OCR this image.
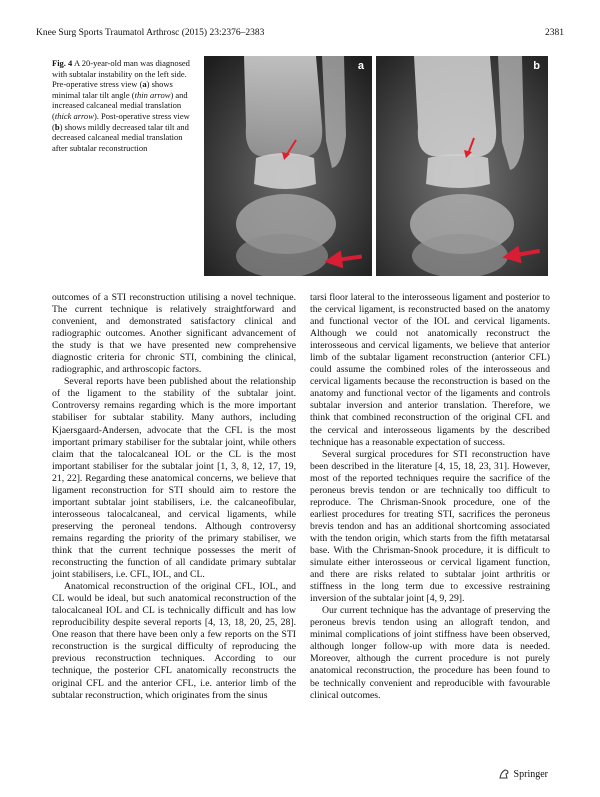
Knee Surg Sports Traumatol Arthrosc (2015) 23:2376–2383	2381
Fig. 4 A 20-year-old man was diagnosed with subtalar instability on the left side. Pre-operative stress view (a) shows minimal talar tilt angle (thin arrow) and increased calcaneal medial translation (thick arrow). Post-operative stress view (b) shows mildly decreased talar tilt and decreased calcaneal medial translation after subtalar reconstruction
a	b

outcomes of a STI reconstruction utilising a novel technique. The current technique is relatively straightforward and convenient, and demonstrated satisfactory clinical and radiographic outcomes. Another significant advancement of the study is that we have presented new comprehensive diagnostic criteria for chronic STI, combining the clinical, radiographic, and arthroscopic factors.

Several reports have been published about the relationship of the ligament to the stability of the subtalar joint. Controversy remains regarding which is the more important stabiliser for subtalar stability. Many authors, including Kjaersgaard-Andersen, advocate that the CFL is the most important primary stabiliser for the subtalar joint, while others claim that the talocalcaneal IOL or the CL is the most important stabiliser for the subtalar joint [1, 3, 8, 12, 17, 19, 21, 22]. Regarding these anatomical concerns, we believe that ligament reconstruction for STI should aim to restore the important subtalar joint stabilisers, i.e. the calcaneofibular, interosseous talocalcaneal, and cervical ligaments, while preserving the peroneal tendons. Although controversy remains regarding the priority of the primary stabiliser, we think that the current technique possesses the merit of reconstructing the function of all candidate primary subtalar joint stabilisers, i.e. CFL, IOL, and CL.

Anatomical reconstruction of the original CFL, IOL, and CL would be ideal, but such anatomical reconstruction of the talocalcaneal IOL and CL is technically difficult and has low reproducibility despite several reports [4, 13, 18, 20, 25, 28]. One reason that there have been only a few reports on the STI reconstruction is the surgical difficulty of reproducing the previous reconstruction techniques. According to our technique, the posterior CFL anatomically reconstructs the original CFL and the anterior CFL, i.e. anterior limb of the subtalar reconstruction, which originates from the sinus

tarsi floor lateral to the interosseous ligament and posterior to the cervical ligament, is reconstructed based on the anatomy and functional vector of the IOL and cervical ligaments. Although we could not anatomically reconstruct the interosseous and cervical ligaments, we believe that anterior limb of the subtalar ligament reconstruction (anterior CFL) could assume the combined roles of the interosseous and cervical ligaments because the reconstruction is based on the anatomy and functional vector of the ligaments and controls subtalar inversion and anterior translation. Therefore, we think that combined reconstruction of the original CFL and the cervical and interosseous ligaments by the described technique has a reasonable expectation of success.

Several surgical procedures for STI reconstruction have been described in the literature [4, 15, 18, 23, 31]. However, most of the reported techniques require the sacrifice of the peroneus brevis tendon or are technically too difficult to reproduce. The Chrisman-Snook procedure, one of the earliest procedures for treating STI, sacrifices the peroneus brevis tendon and has an additional shortcoming associated with the tendon origin, which starts from the fifth metatarsal base. With the Chrisman-Snook procedure, it is difficult to simulate either interosseous or cervical ligament function, and there are risks related to subtalar joint arthritis or stiffness in the long term due to excessive restraining inversion of the subtalar joint [4, 9, 29].

Our current technique has the advantage of preserving the peroneus brevis tendon using an allograft tendon, and minimal complications of joint stiffness have been observed, although longer follow-up with more data is needed. Moreover, although the current procedure is not purely anatomical reconstruction, the procedure has been found to be technically convenient and reproducible with favourable clinical outcomes.

Springer
